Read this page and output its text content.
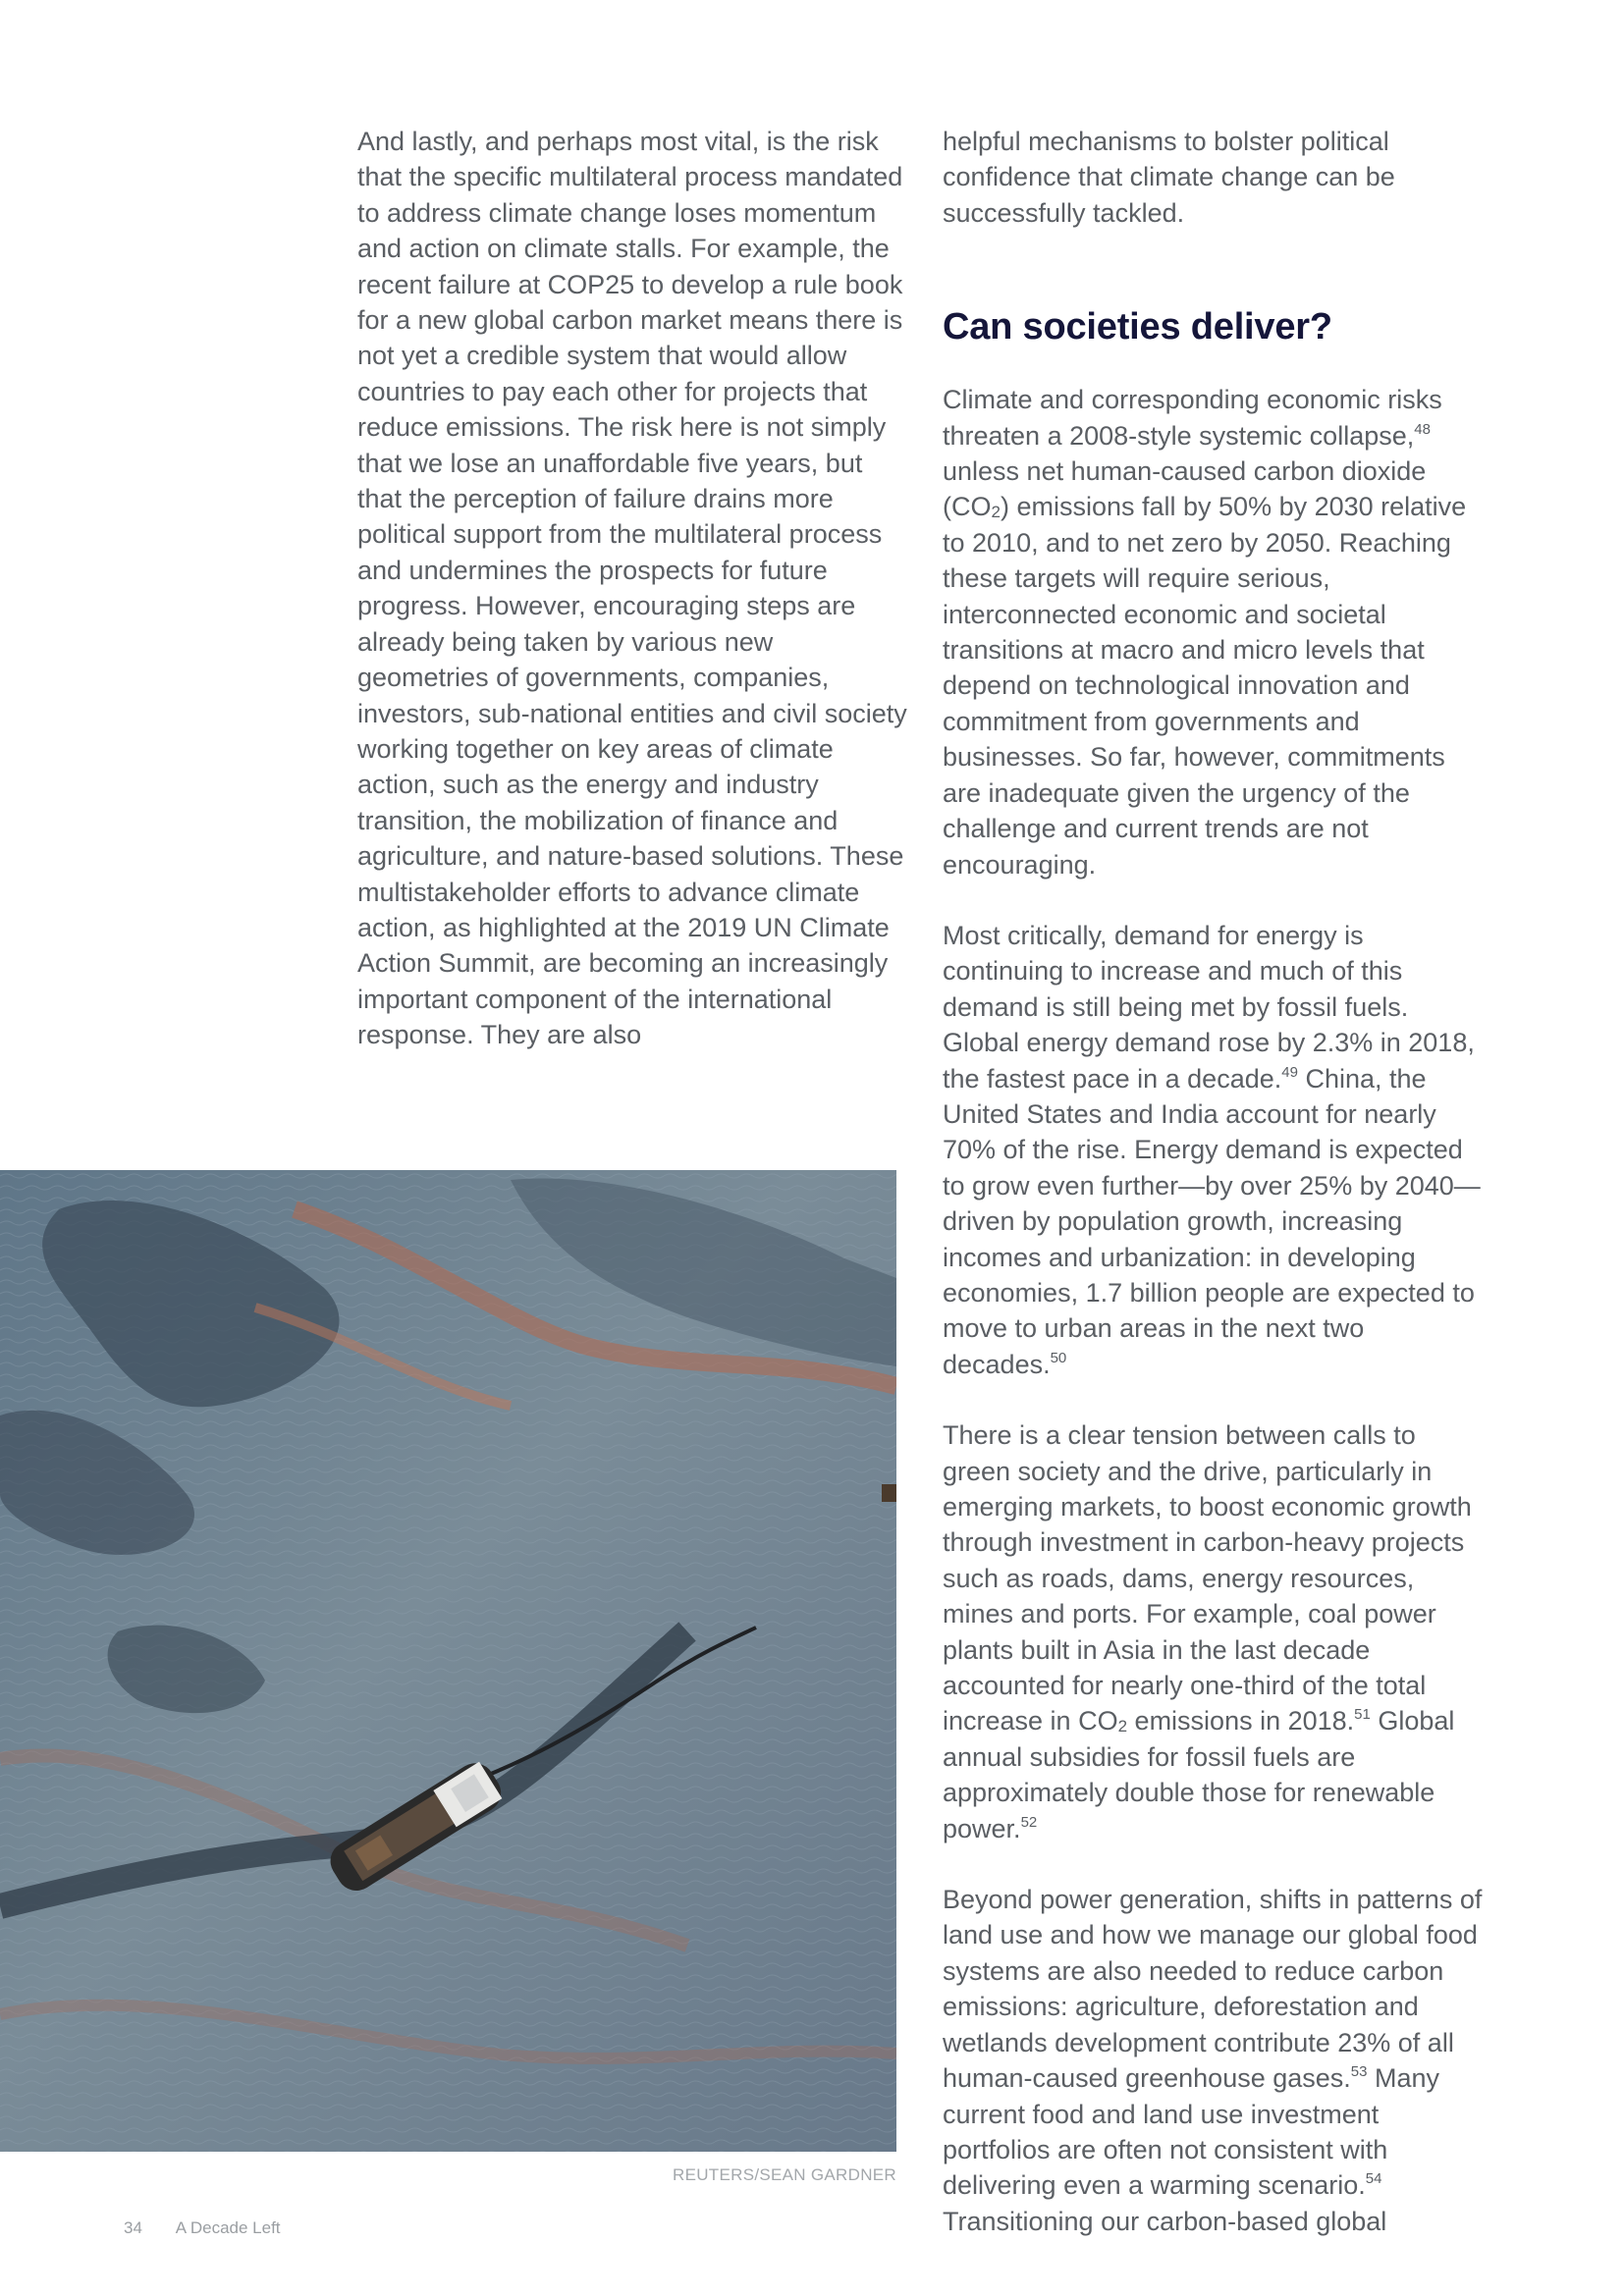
And lastly, and perhaps most vital, is the risk that the specific multilateral process mandated to address climate change loses momentum and action on climate stalls. For example, the recent failure at COP25 to develop a rule book for a new global carbon market means there is not yet a credible system that would allow countries to pay each other for projects that reduce emissions. The risk here is not simply that we lose an unaffordable five years, but that the perception of failure drains more political support from the multilateral process and undermines the prospects for future progress. However, encouraging steps are already being taken by various new geometries of governments, companies, investors, sub-national entities and civil society working together on key areas of climate action, such as the energy and industry transition, the mobilization of finance and agriculture, and nature-based solutions. These multistakeholder efforts to advance climate action, as highlighted at the 2019 UN Climate Action Summit, are becoming an increasingly important component of the international response. They are also

helpful mechanisms to bolster political confidence that climate change can be successfully tackled.

Can societies deliver?

Climate and corresponding economic risks threaten a 2008-style systemic collapse,$^{48}$ unless net human-caused carbon dioxide $(CO_2)$ emissions fall by 50% by 2030 relative to 2010, and to net zero by 2050. Reaching these targets will require serious, interconnected economic and societal transitions at macro and micro levels that depend on technological innovation and commitment from governments and businesses. So far, however, commitments are inadequate given the urgency of the challenge and current trends are not encouraging.

Most critically, demand for energy is continuing to increase and much of this demand is still being met by fossil fuels. Global energy demand rose by 2.3% in 2018, the fastest pace in a decade.$^{49}$ China, the United States and India account for nearly 70% of the rise. Energy demand is expected to grow even further—by over 25% by 2040—driven by population growth, increasing incomes and urbanization: in developing economies, 1.7 billion people are expected to move to urban areas in the next two decades.$^{50}$

There is a clear tension between calls to green society and the drive, particularly in emerging markets, to boost economic growth through investment in carbon-heavy projects such as roads, dams, energy resources, mines and ports. For example, coal power plants built in Asia in the last decade accounted for nearly one-third of the total increase in $CO_2$ emissions in 2018.51 Global annual subsidies for fossil fuels are approximately double those for renewable power.$^{52}$

Beyond power generation, shifts in patterns of land use and how we manage our global food systems are also needed to reduce carbon emissions: agriculture, deforestation and wetlands development contribute 23% of all human-caused greenhouse gases.$^{53}$ Many current food and land use investment portfolios are often not consistent with delivering even a warming scenario.$^{54}$ Transitioning our carbon-based global

REUTERS/SEAN GARDNER
34 A Decade Left
